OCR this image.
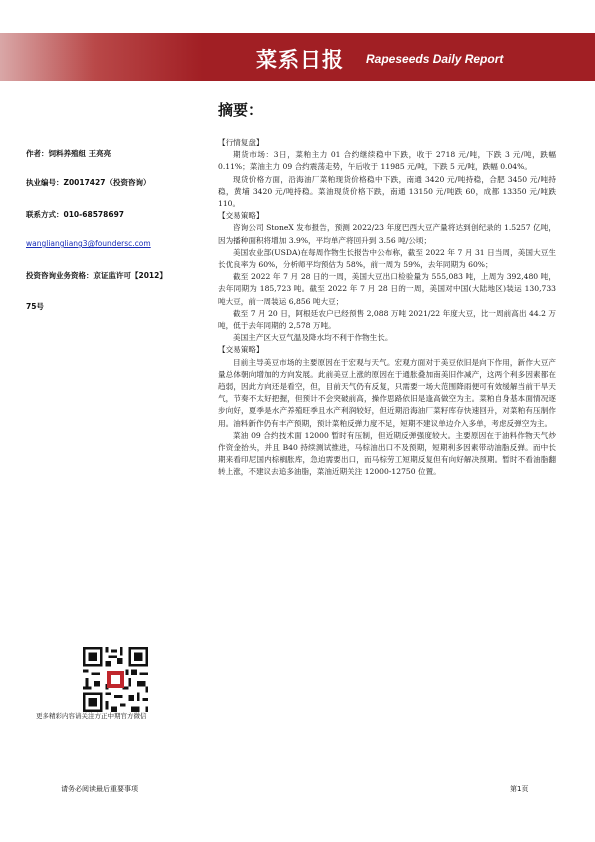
菜系日报 Rapeseeds Daily Report
作者：饲料养殖组 王亮亮
执业编号：Z0017427（投资咨询）
联系方式：010-68578697
wangliangliang3@foundersc.com
投资咨询业务资格：京证监许可【2012】
75号
更多精彩内容请关注方正中期官方微信
摘要：
【行情复盘】
期货市场：3日，菜粕主力 01 合约继续稳中下跌，收于 2718 元/吨，下跌 3 元/吨，跌幅 0.11%；菜油主力 09 合约震荡走势，午后收于 11985 元/吨，下跌 5 元/吨，跌幅 0.04%。
现货价格方面，沿海油厂菜粕现货价格稳中下跌，南通 3420 元/吨持稳，合肥 3450 元/吨持稳，黄埔 3420 元/吨持稳。菜油现货价格下跌，南通 13150 元/吨跌 60，成都 13350 元/吨跌 110。
【交易策略】
咨询公司 StoneX 发布报告，预测 2022/23 年度巴西大豆产量将达到创纪录的 1.5257 亿吨，因为播种面积将增加 3.9%，平均单产将回升到 3.56 吨/公顷；
美国农业部(USDA)在每周作物生长报告中公布称，截至 2022 年 7 月 31 日当周，美国大豆生长优良率为 60%，分析师平均预估为 58%，前一周为 59%，去年同期为 60%；
截至 2022 年 7 月 28 日的一周，美国大豆出口检验量为 555,083 吨，上周为 392,480 吨，去年同期为 185,723 吨。截至 2022 年 7 月 28 日的一周，美国对中国(大陆地区)装运 130,733 吨大豆，前一周装运 6,856 吨大豆；
截至 7 月 20 日，阿根廷农户已经预售 2,088 万吨 2021/22 年度大豆，比一周前高出 44.2 万吨，低于去年同期的 2,578 万吨。
美国主产区大豆气温及降水均不利于作物生长。
【交易策略】
目前主导美豆市场的主要原因在于宏观与天气。宏观方面对于美豆依旧是向下作用，新作大豆产量总体朝向增加的方向发展。此前美豆上涨的原因在于通胀叠加南美旧作减产，这两个利多因素都在趋弱，因此方向还是看空，但，目前天气仍有反复，只需要一场大范围降雨便可有效缓解当前干旱天气，节奏不太好把握，但预计不会突破前高，操作思路依旧是逢高做空为主。菜粕自身基本面情况逐步向好，夏季是水产养殖旺季且水产利润较好，但近期沿海油厂菜籽库存快速回升，对菜粕有压制作用。油料新作仍有丰产预期，预计菜粕反弹力度不足，短期不建议单边介入多单，考虑反弹空为主。
菜油 09 合约技术面 12000 暂时有压制，但近期反弹强度较大。主要原因在于油料作物天气炒作资金抬头，并且 B40 持续测试推进，马棕油出口不及预期，短期利多因素带动油脂反弹。而中长期来看印尼国内棕榈胀库，急迫需要出口，而马棕劳工短期反复但有向好解决预期。暂时不看油脂翻转上涨，不建议去追多油脂，菜油近期关注 12000-12750 位置。
请务必阅读最后重要事项	第1页
